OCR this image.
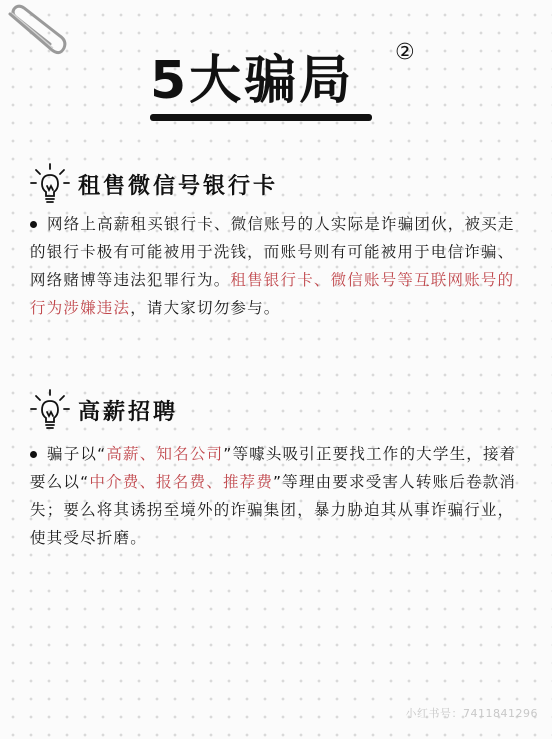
5大骗局 ②
租售微信号银行卡
网络上高薪租买银行卡、微信账号的人实际是诈骗团伙，被买走的银行卡极有可能被用于洗钱，而账号则有可能被用于电信诈骗、网络赌博等违法犯罪行为。租售银行卡、微信账号等互联网账号的行为涉嫌违法，请大家切勿参与。
高薪招聘
骗子以“高薪、知名公司”等噱头吸引正要找工作的大学生，接着要么以“中介费、报名费、推荐费”等理由要求受害人转账后卷款消失；要么将其诱拐至境外的诈骗集团，暴力胁迫其从事诈骗行业，使其受尽折磨。
小红书号：7411841296
